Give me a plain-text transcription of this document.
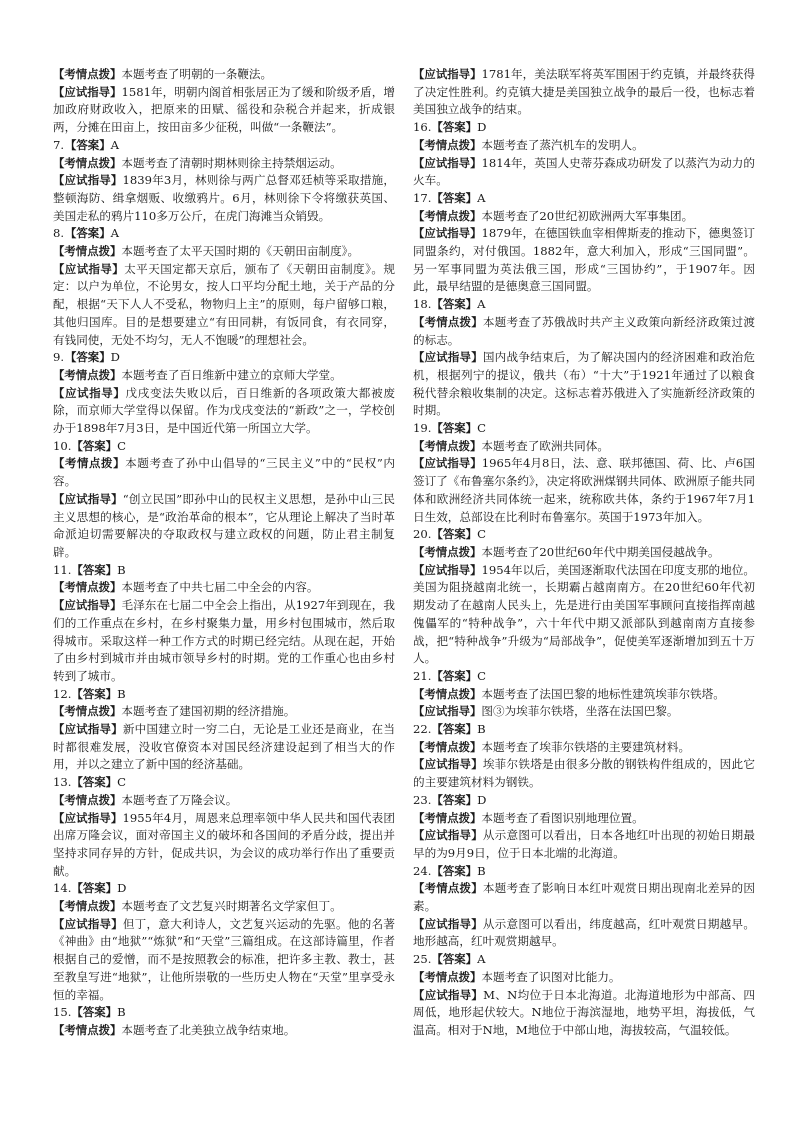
【考情点拨】本题考查了明朝的一条鞭法。

【应试指导】1581年，明朝内阁首相张居正为了缓和阶级矛盾，增加政府财政收入，把原来的田赋、徭役和杂税合并起来，折成银两，分摊在田亩上，按田亩多少征税，叫做“一条鞭法”。

7.【答案】A

【考情点拨】本题考查了清朝时期林则徐主持禁烟运动。

【应试指导】1839年3月，林则徐与两广总督邓廷桢等采取措施，整顿海防、缉拿烟贩、收缴鸦片。6月，林则徐下令将缴获英国、美国走私的鸦片110多万公斤，在虎门海滩当众销毁。

8.【答案】A

【考情点拨】本题考查了太平天国时期的《天朝田亩制度》。

【应试指导】太平天国定都天京后，颁布了《天朝田亩制度》。规定：以户为单位，不论男女，按人口平均分配土地，关于产品的分配，根据“天下人人不受私，物物归上主”的原则，每户留够口粮，其他归国库。目的是想要建立“有田同耕，有饭同食，有衣同穿，有钱同使，无处不均匀，无人不饱暖”的理想社会。

9.【答案】D

【考情点拨】本题考查了百日维新中建立的京师大学堂。

【应试指导】戊戌变法失败以后，百日维新的各项政策大都被废除，而京师大学堂得以保留。作为戊戌变法的“新政”之一，学校创办于1898年7月3日，是中国近代第一所国立大学。

10.【答案】C

【考情点拨】本题考查了孙中山倡导的“三民主义”中的“民权”内容。

【应试指导】“创立民国”即孙中山的民权主义思想，是孙中山三民主义思想的核心，是“政治革命的根本”，它从理论上解决了当时革命派迫切需要解决的夺取政权与建立政权的问题，防止君主制复辟。

11.【答案】B

【考情点拨】本题考查了中共七届二中全会的内容。

【应试指导】毛泽东在七届二中全会上指出，从1927年到现在，我们的工作重点在乡村，在乡村聚集力量，用乡村包围城市，然后取得城市。采取这样一种工作方式的时期已经完结。从现在起，开始了由乡村到城市并由城市领导乡村的时期。党的工作重心也由乡村转到了城市。

12.【答案】B

【考情点拨】本题考查了建国初期的经济措施。

【应试指导】新中国建立时一穷二白，无论是工业还是商业，在当时都很难发展，没收官僚资本对国民经济建设起到了相当大的作用，并以之建立了新中国的经济基础。

13.【答案】C

【考情点拨】本题考查了万隆会议。

【应试指导】1955年4月，周恩来总理率领中华人民共和国代表团出席万隆会议，面对帝国主义的破坏和各国间的矛盾分歧，提出并坚持求同存异的方针，促成共识，为会议的成功举行作出了重要贡献。

14.【答案】D

【考情点拨】本题考查了文艺复兴时期著名文学家但丁。

【应试指导】但丁，意大利诗人，文艺复兴运动的先驱。他的名著《神曲》由“地狱”“炼狱”和“天堂”三篇组成。在这部诗篇里，作者根据自己的爱憎，而不是按照教会的标准，把许多主教、教士，甚至教皇写进“地狱”，让他所崇敬的一些历史人物在“天堂”里享受永恒的幸福。

15.【答案】B

【考情点拨】本题考查了北美独立战争结束地。

【应试指导】1781年，美法联军将英军围困于约克镇，并最终获得了决定性胜利。约克镇大捷是美国独立战争的最后一役，也标志着美国独立战争的结束。

16.【答案】D

【考情点拨】本题考查了蒸汽机车的发明人。

【应试指导】1814年，英国人史蒂芬森成功研发了以蒸汽为动力的火车。

17.【答案】A

【考情点拨】本题考查了20世纪初欧洲两大军事集团。

【应试指导】1879年，在德国铁血宰相俾斯麦的推动下，德奥签订同盟条约，对付俄国。1882年，意大利加入，形成“三国同盟”。另一军事同盟为英法俄三国，形成“三国协约”，于1907年。因此，最早结盟的是德奥意三国同盟。

18.【答案】A

【考情点拨】本题考查了苏俄战时共产主义政策向新经济政策过渡的标志。

【应试指导】国内战争结束后，为了解决国内的经济困难和政治危机，根据列宁的提议，俄共（布）“十大”于1921年通过了以粮食税代替余粮收集制的决定。这标志着苏俄进入了实施新经济政策的时期。

19.【答案】C

【考情点拨】本题考查了欧洲共同体。

【应试指导】1965年4月8日，法、意、联邦德国、荷、比、卢6国签订了《布鲁塞尔条约》，决定将欧洲煤钢共同体、欧洲原子能共同体和欧洲经济共同体统一起来，统称欧共体，条约于1967年7月1日生效，总部设在比利时布鲁塞尔。英国于1973年加入。

20.【答案】C

【考情点拨】本题考查了20世纪60年代中期美国侵越战争。

【应试指导】1954年以后，美国逐渐取代法国在印度支那的地位。美国为阻挠越南北统一，长期霸占越南南方。在20世纪60年代初期发动了在越南人民头上，先是进行由美国军事顾问直接指挥南越傀儡军的“特种战争”，六十年代中期又派部队到越南南方直接参战，把“特种战争”升级为“局部战争”，促使美军逐渐增加到五十万人。

21.【答案】C

【考情点拨】本题考查了法国巴黎的地标性建筑埃菲尔铁塔。

【应试指导】图③为埃菲尔铁塔，坐落在法国巴黎。

22.【答案】B

【考情点拨】本题考查了埃菲尔铁塔的主要建筑材料。

【应试指导】埃菲尔铁塔是由很多分散的钢铁构件组成的，因此它的主要建筑材料为钢铁。

23.【答案】D

【考情点拨】本题考查了看图识别地理位置。

【应试指导】从示意图可以看出，日本各地红叶出现的初始日期最早的为9月9日，位于日本北端的北海道。

24.【答案】B

【考情点拨】本题考查了影响日本红叶观赏日期出现南北差异的因素。

【应试指导】从示意图可以看出，纬度越高，红叶观赏日期越早。地形越高，红叶观赏期越早。

25.【答案】A

【考情点拨】本题考查了识图对比能力。

【应试指导】M、N均位于日本北海道。北海道地形为中部高、四周低，地形起伏较大。N地位于海滨湿地，地势平坦，海拔低，气温高。相对于N地，M地位于中部山地，海拔较高，气温较低。
